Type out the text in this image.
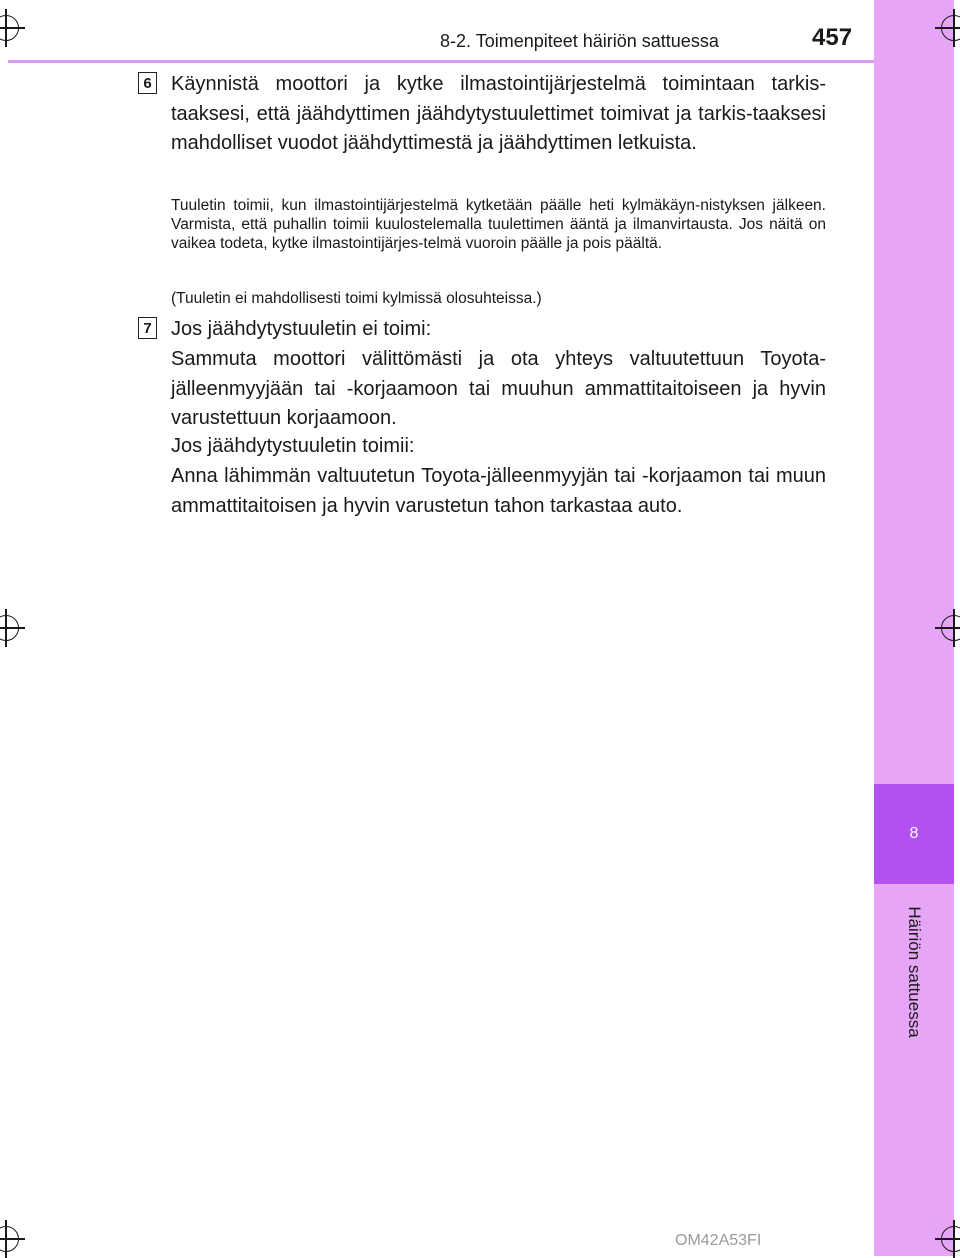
8
Häiriön sattuessa
8-2. Toimenpiteet häiriön sattuessa	457
6 Käynnistä moottori ja kytke ilmastointijärjestelmä toimintaan tarkis-taaksesi, että jäähdyttimen jäähdytystuulettimet toimivat ja tarkis-taaksesi mahdolliset vuodot jäähdyttimestä ja jäähdyttimen letkuista.

Tuuletin toimii, kun ilmastointijärjestelmä kytketään päälle heti kylmäkäyn-nistyksen jälkeen. Varmista, että puhallin toimii kuulostelemalla tuulettimen ääntä ja ilmanvirtausta. Jos näitä on vaikea todeta, kytke ilmastointijärjes-telmä vuoroin päälle ja pois päältä.

(Tuuletin ei mahdollisesti toimi kylmissä olosuhteissa.)

7 Jos jäähdytystuuletin ei toimi:

Sammuta moottori välittömästi ja ota yhteys valtuutettuun Toyota-jälleenmyyjään tai -korjaamoon tai muuhun ammattitaitoiseen ja hyvin varustettuun korjaamoon.

Jos jäähdytystuuletin toimii:

Anna lähimmän valtuutetun Toyota-jälleenmyyjän tai -korjaamon tai muun ammattitaitoisen ja hyvin varustetun tahon tarkastaa auto.

OM42A53FI
